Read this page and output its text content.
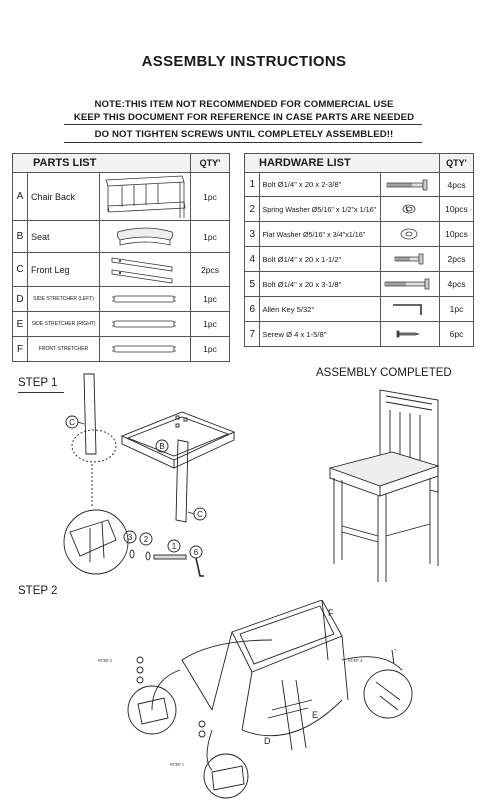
ASSEMBLY INSTRUCTIONS
NOTE:THIS ITEM NOT RECOMMENDED FOR COMMERCIAL USE
KEEP THIS DOCUMENT FOR REFERENCE IN CASE PARTS ARE NEEDED
DO NOT TIGHTEN SCREWS UNTIL COMPLETELY ASSEMBLED!!
PARTS LIST			QTY'
A	Chair Back		1pc
B	Seat		1pc
C	Front Leg		2pcs
D	SIDE STRETCHER (LEFT)		1pc
E	SIDE STRETCHER (RIGHT)		1pc
F	FRONT STRETCHER		1pc
HARDWARE LIST			QTY'
1	Bolt Ø1/4" x 20 x 2-3/8"		4pcs
2	Spring Washer Ø5/16" x 1/2"x 1/16"		10pcs
3	Flat Washer Ø5/16" x 3/4"x1/16"		10pcs
4	Bolt Ø1/4" x 20 x 1-1/2"		2pcs
5	Bolt Ø1/4" x 20 x 3-1/8"		4pcs
6	Allen Key 5/32"		1pc
7	Serew Ø 4 x 1-5/8"		6pc
STEP 1
ASSEMBLY COMPLETED
STEP 2
C
B
C
3 2
1
6
F
E
D
STEP 2	STEP 4
STEP 1
7
